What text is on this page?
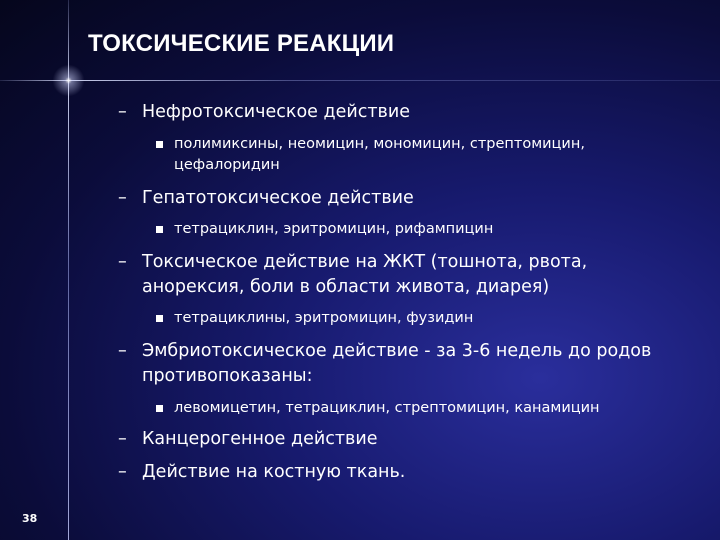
ТОКСИЧЕСКИЕ РЕАКЦИИ

– Нефротоксическое действие

полимиксины, неомицин, мономицин, стрептомицин, цефалоридин

– Гепатотоксическое действие

тетрациклин, эритромицин, рифампицин

– Токсическое действие на ЖКТ (тошнота, рвота, анорексия, боли в области живота, диарея)

тетрациклины, эритромицин, фузидин

– Эмбриотоксическое действие - за 3-6 недель до родов противопоказаны:

левомицетин, тетрациклин, стрептомицин, канамицин

– Канцерогенное действие

– Действие на костную ткань.

38
